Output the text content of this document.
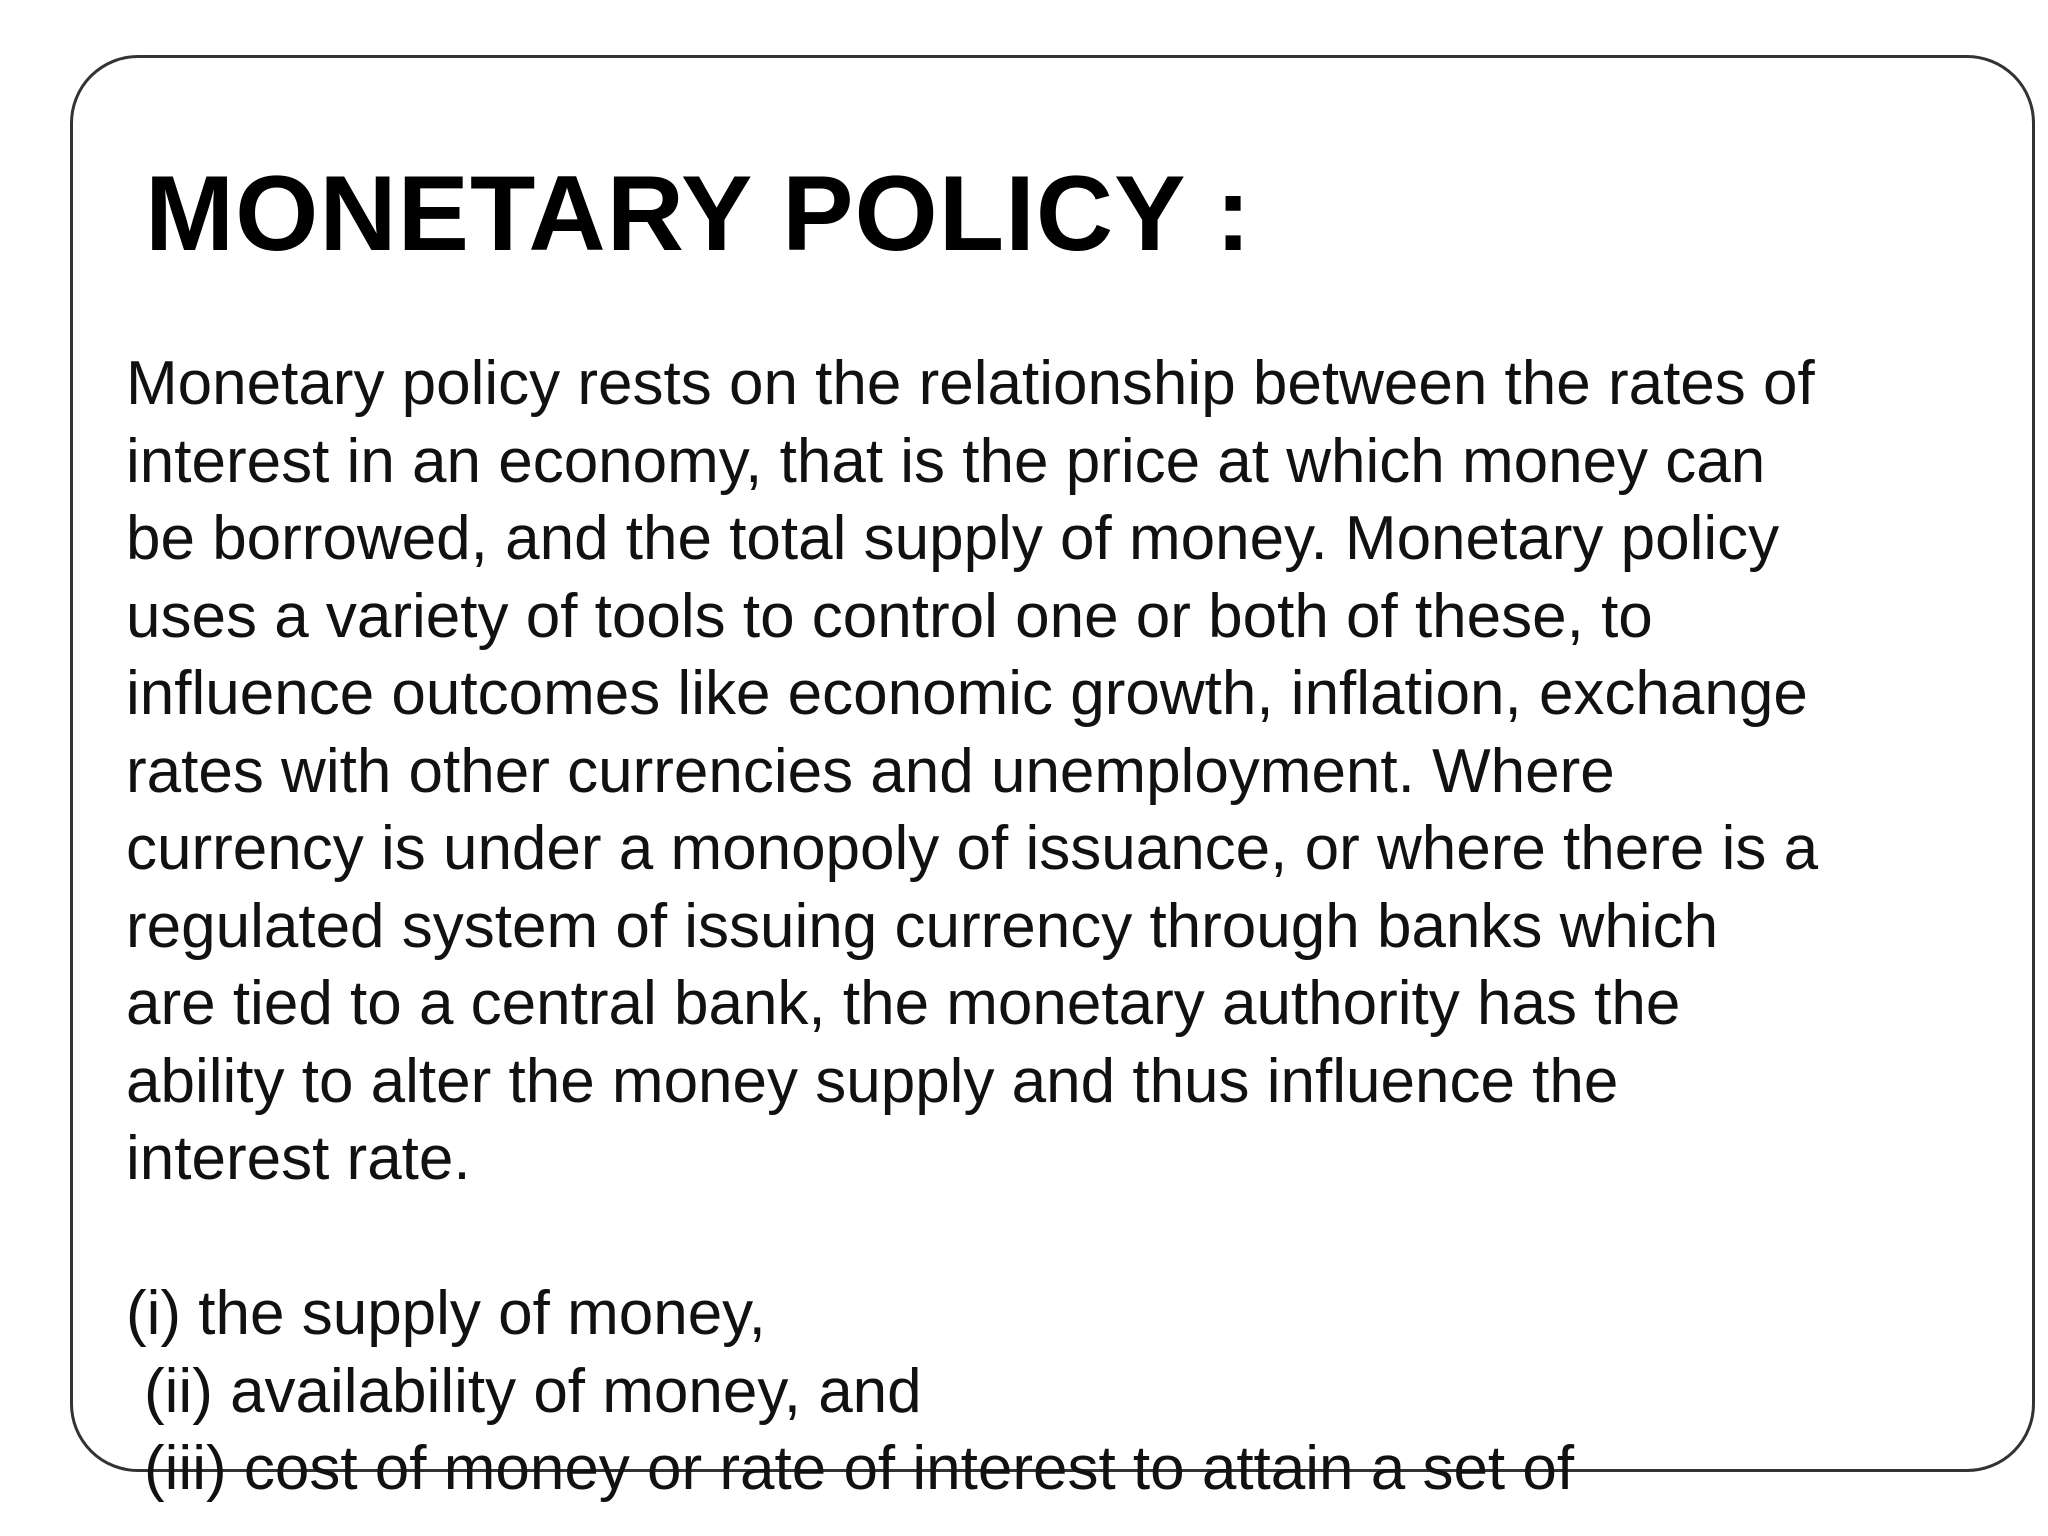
MONETARY POLICY :
Monetary policy rests on the relationship between the rates of
interest in an economy, that is the price at which money can
be borrowed, and the total supply of money. Monetary policy
uses a variety of tools to control one or both of these, to
influence outcomes like economic growth, inflation, exchange
rates with other currencies and unemployment. Where
currency is under a monopoly of issuance, or where there is a
regulated system of issuing currency through banks which
are tied to a central bank, the monetary authority has the
ability to alter the money supply and thus influence the
interest rate.
(i) the supply of money,
(ii) availability of money, and
(iii) cost of money or rate of interest to attain a set of
